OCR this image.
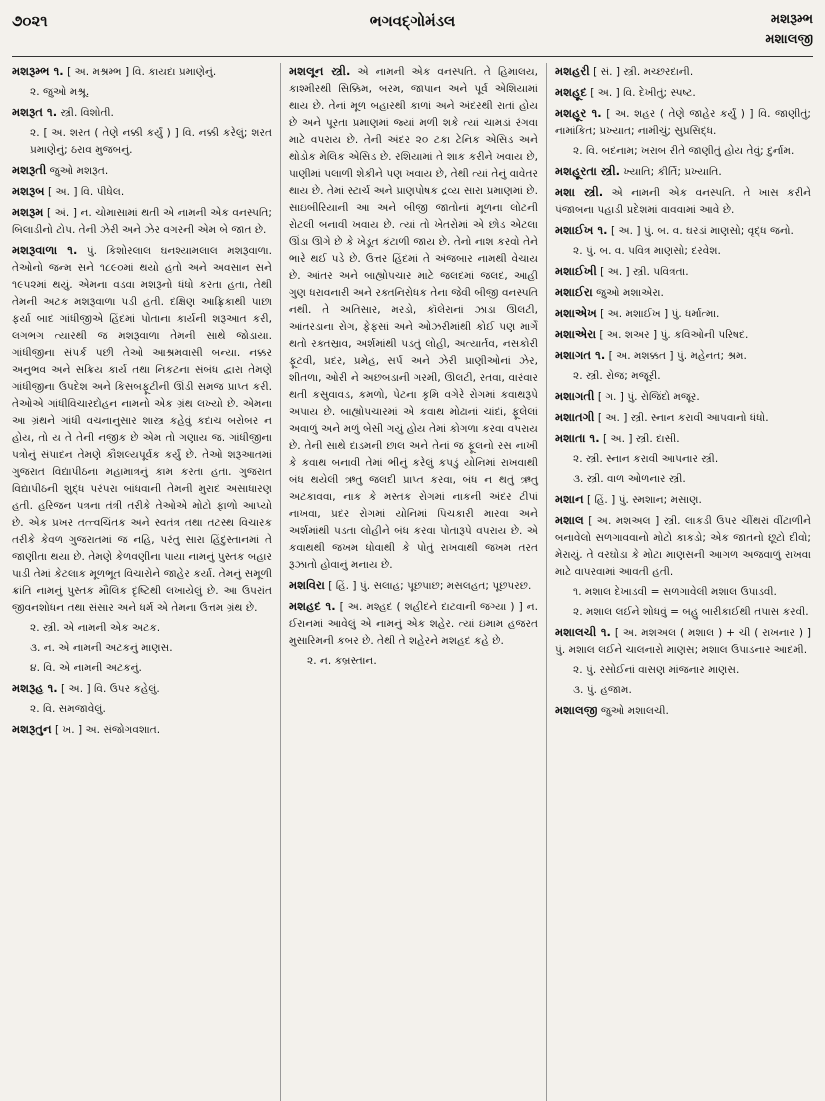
૭૦૨૧	ભગવદ્ગોમંડલ	મશરૂમ્ભ
મશાલજી
મશરૂમ્ભ ૧. [ અ. મશ્રમ્ભ ] વિ. કાયદા પ્રમાણેનું.
૨. જુઓ મશ્રૂ.
મશરૂત ૧. સ્ત્રી. વિશોતી.
૨. [ અ. શરત ( તેણે નક્કી કર્યું ) ] વિ. નક્કી કરેલું; શરત પ્રમાણેનું; ઠરાવ મુજબનું.
મશરૂતી જુઓ મશરૂત.
મશરૂબ [ અ. ] વિ. પીધેલ.
મશરૂમ [ અં. ] ન. ચોમાસામાં થતી એ નામની એક વનસ્પતિ; બિલાડીનો ટોપ. તેની ઝેરી અને ઝેર વગરની એમ બે જાત છે.
મશરૂવાળા ૧. પું. કિશોરલાલ ઘનશ્યામલાલ મશરૂવાળા. તેઓનો જન્મ સને ૧૮૯૦માં થયો હતો અને અવસાન સને ૧૯૫૨માં થયું. એમના વડવા મશરૂનો ધંધો કરતા હતા, તેથી તેમની અટક મશરૂવાળા પડી હતી. દક્ષિણ આફ્રિકાથી પાછા ફર્યા બાદ ગાંધીજીએ હિંદમાં પોતાના કાર્યની શરૂઆત કરી, લગભગ ત્યારથી જ મશરૂવાળા તેમની સાથે જોડાયા. ગાંધીજીના સંપર્ક પછી તેઓ આશ્રમવાસી બન્યા. નક્કર અનુભવ અને સક્રિય કાર્ય તથા નિકટના સંબંધ દ્વારા તેમણે ગાંધીજીના ઉપદેશ અને કિસબફૂટીની ઊંડી સમજ પ્રાપ્ત કરી. તેઓએ ગાંધીવિચારદોહન નામનો એક ગ્રંથ લખ્યો છે. એમના આ ગ્રંથને ગાંધી વચનાનુસાર શાસ્ત્ર કહેવું કદાચ બરોબર ન હોય, તો ય તે તેની નજીક છે એમ તો ગણાય જ. ગાંધીજીના પત્રોનું સંપાદન તેમણે કૌશલ્યપૂર્વક કર્યું છે. તેઓ શરૂઆતમાં ગુજરાત વિદ્યાપીઠના મહામાત્રનું કામ કરતા હતા. ગુજરાત વિદ્યાપીઠની શુદ્ધ પરંપરા બાંધવાની તેમની મુરાદ અસાધારણ હતી. હરિજન પત્રના તંત્રી તરીકે તેઓએ મોટો ફાળો આપ્યો છે. એક પ્રખર તત્ત્વચિંતક અને સ્વતંત્ર તથા તટસ્થ વિચારક તરીકે કેવળ ગુજરાતમાં જ નહિ, પરંતુ સારા હિંદુસ્તાનમાં તે જાણીતા થયા છે. તેમણે કેળવણીના પાયા નામનું પુસ્તક બહાર પાડી તેમાં કેટલાક મૂળભૂત વિચારોને જાહેર કર્યા. તેમનું સમૂળી ક્રાંતિ નામનું પુસ્તક મૌલિક દૃષ્ટિથી લખાયેલું છે. આ ઉપરાંત જીવનશોધન તથા સંસાર અને ધર્મ એ તેમના ઉત્તમ ગ્રંથ છે.
૨. સ્ત્રી. એ નામની એક અટક.
૩. ન. એ નામની અટકનું માણસ.
૪. વિ. એ નામની અટકનું.
મશરૂહ ૧. [ અ. ] વિ. ઉપર કહેલું.
૨. વિ. સમજાવેલું.
મશરૂતુન [ ખ. ] અ. સંજોગવશાત.
મશલૂન સ્ત્રી. એ નામની એક વનસ્પતિ. તે હિમાલય, કાશ્મીરથી સિક્કિમ, બરમ, જાપાન અને પૂર્વ એશિયામાં થાય છે. તેનાં મૂળ બહારથી કાળાં અને અંદરથી રાતાં હોય છે અને પૂરતા પ્રમાણમાં જ્યાં મળી શકે ત્યાં ચામડાં રંગવા માટે વપરાય છે. તેની અંદર ૨૦ ટકા ટેનિક એસિડ અને થોડોક મેલિક એસિડ છે. રશિયામાં તે શાક કરીને ખવાય છે, પાણીમાં પલાળી શેકીને પણ ખવાય છે, તેથી ત્યાં તેનું વાવેતર થાય છે. તેમાં સ્ટાર્ચ અને પ્રાણપોષક દ્રવ્ય સારા પ્રમાણમાં છે. સાઇબીરિયાની આ અને બીજી જાતોનાં મૂળના લોટની રોટલી બનાવી ખવાય છે. ત્યાં તો ખેતરોમાં એ છોડ એટલા ઊંડા ઊગે છે કે ખેડૂત કંટાળી જાય છે. તેનો નાશ કરવો તેને ભારે થઈ પડે છે. ઉત્તર હિંદમાં તે અંજબાર નામથી વેચાય છે. આંતર અને બાહ્યોપચાર માટે જલદમાં જલદ, આહી ગુણ ધરાવનારી અને રક્તનિરોધક તેના જેવી બીજી વનસ્પતિ નથી. તે અતિસાર, મરડો, કૉલેરાનાં ઝાડા ઊલટી, આંતરડાના રોગ, ફેફસાં અને ઓઝરીમાંથી કોઈ પણ માર્ગે થતો રક્તસ્રાવ, અર્શમાંથી પડતું લોહી, અત્યાર્તવ, નસકોરી ફૂટવી, પ્રદર, પ્રમેહ, સર્પ અને ઝેરી પ્રાણીઓનાં ઝેર, શીતળા, ઓરી ને અછબડાની ગરમી, ઊલટી, રતવા, વારંવાર થતી કસુવાવડ, કમળો, પેટના કૃમિ વગેરે રોગમાં કવાથરૂપે અપાય છે. બાહ્યોપચારમાં એ કવાથ મોઢાનાં ચાંદાં, ફૂલેલાં અવાળું અને મળું બેસી ગયું હોય તેમાં કોગળા કરવા વપરાય છે. તેની સાથે દાડમની છાલ અને તેનાં જ ફૂલનો રસ નાખી કે કવાથ બનાવી તેમાં ભીનું કરેલું કપડું યોનિમાં રાખવાથી બંધ થયેલી ઋતુ જલદી પ્રાપ્ત કરવા, બંધ ન થતું ઋતુ અટકાવવા, નાક કે મસ્તક રોગમાં નાકની અંદર ટીપાં નાખવા, પ્રદર રોગમાં યોનિમાં પિચકારી મારવા અને અર્શમાંથી પડતા લોહીને બંધ કરવા પોતારૂપે વપરાય છે. એ કવાથથી જખમ ધોવાથી કે પોતું રાખવાથી જખમ તરત રૂઝાતો હોવાનું મનાય છે.
મશવિરા [ હિં. ] પું. સલાહ; પૂછપાછ; મસલહત; પૂછપરછ.
મશહદ ૧. [ અ. મશ્હદ ( શહીદને દાટવાની જગ્યા ) ] ન. ઈરાનમાં આવેલું એ નામનું એક શહેર. ત્યાં ઇમામ હજરત મુસારિમની કબર છે. તેથી તે શહેરને મશહદ કહે છે.
૨. ન. કબ્રસ્તાન.
મશહરી [ સં. ] સ્ત્રી. મચ્છરદાની.
મશહૂદ [ અ. ] વિ. દેખીતું; સ્પષ્ટ.
મશહૂર ૧. [ અ. શહર ( તેણે જાહેર કર્યું ) ] વિ. જાણીતું; નામાંકિત; પ્રખ્યાત; નામીચું; સુપ્રસિદ્ધ.
૨. વિ. બદનામ; ખરાબ રીતે જાણીતું હોય તેવું; દુર્નામ.
મશહૂરતા સ્ત્રી. ખ્યાતિ; કીર્તિ; પ્રખ્યાતિ.
મશા સ્ત્રી. એ નામની એક વનસ્પતિ. તે ખાસ કરીને પંજાબના પહાડી પ્રદેશમાં વાવવામાં આવે છે.
મશાઈખ ૧. [ અ. ] પું. બ. વ. ઘરડાં માણસો; વૃદ્ધ જનો.
૨. પું. બ. વ. પવિત્ર માણસો; દરવેશ.
મશાઈખી [ અ. ] સ્ત્રી. પવિત્રતા.
મશાઈરા જુઓ મશાએરા.
મશાએખ [ અ. મશાઈખ ] પું. ધર્માત્મા.
મશાએરા [ અ. શઅર ] પું. કવિઓની પરિષદ.
મશાગત ૧. [ અ. મશક્કત ] પું. મહેનત; શ્રમ.
૨. સ્ત્રી. રોજ; મજૂરી.
મશાગતી [ ગ. ] પું. રોજિંદો મજૂર.
મશાતગી [ અ. ] સ્ત્રી. સ્નાન કરાવી આપવાનો ધંધો.
મશાતા ૧. [ અ. ] સ્ત્રી. દાસી.
૨. સ્ત્રી. સ્નાન કરાવી આપનાર સ્ત્રી.
૩. સ્ત્રી. વાળ ઓળનાર સ્ત્રી.
મશાન [ હિં. ] પું. સ્મશાન; મસાણ.
મશાલ [ અ. મશઅલ ] સ્ત્રી. લાકડી ઉપર ચીંથરાં વીંટાળીને બનાવેલો સળગાવવાનો મોટો કાકડો; એક જાતનો છૂટો દીવો; મેરાયું. તે વરઘોડા કે મોટા માણસની આગળ અજવાળું રાખવા માટે વાપરવામાં આવતી હતી.
૧. મશાલ દેખાડવી = સળગાવેલી મશાલ ઉપાડવી.
૨. મશાલ લઈને શોધવું = બહુ બારીકાઈથી તપાસ કરવી.
મશાલચી ૧. [ અ. મશઅલ ( મશાલ ) + ચી ( રાખનાર ) ] પું. મશાલ લઈને ચાલનારો માણસ; મશાલ ઉપાડનાર આદમી.
૨. પું. રસોઈનાં વાસણ માંજનાર માણસ.
૩. પું. હજામ.
મશાલજી જુઓ મશાલચી.
